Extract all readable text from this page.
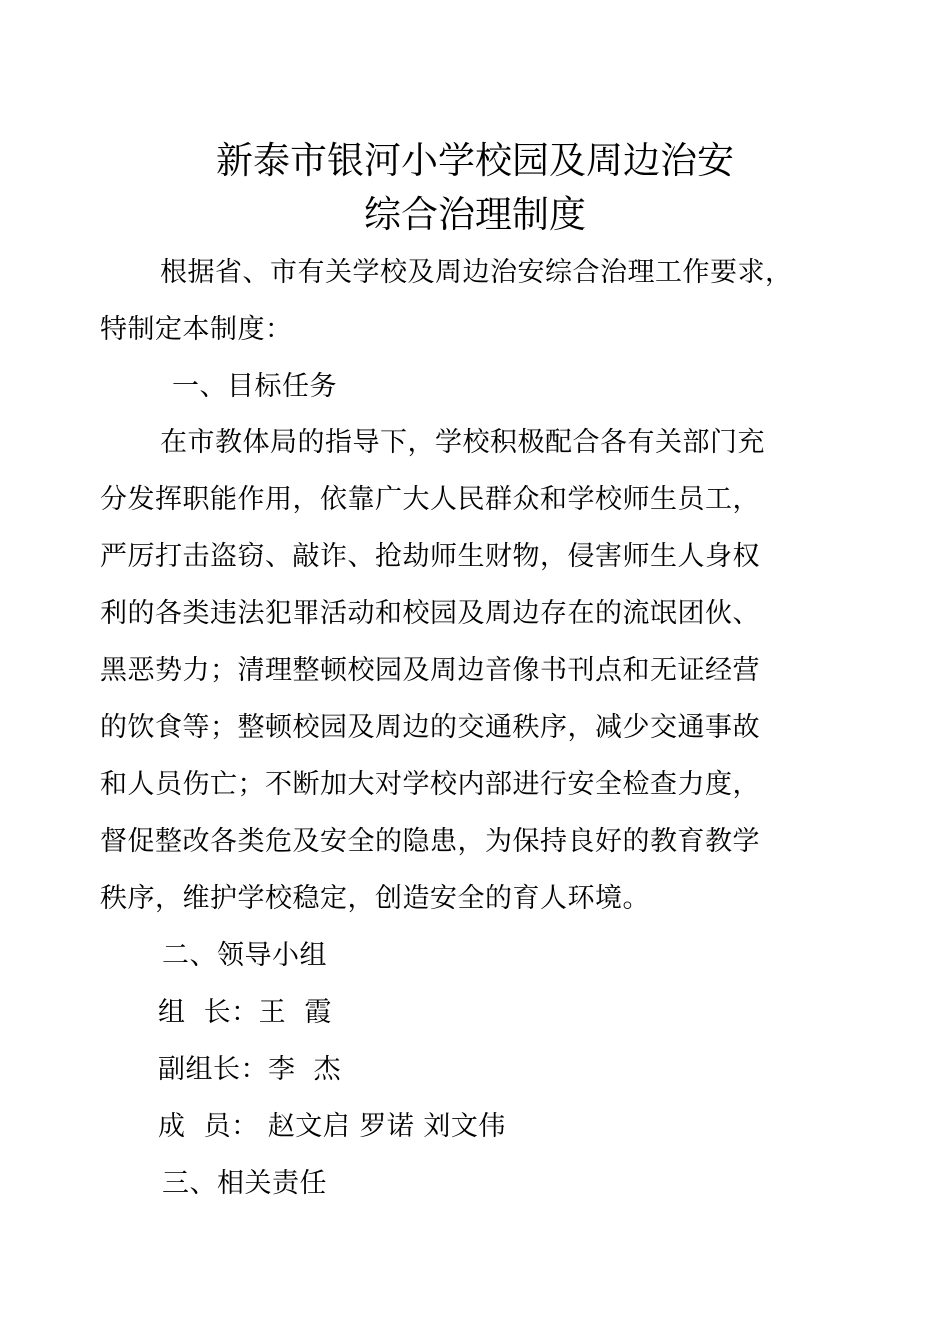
新泰市银河小学校园及周边治安
综合治理制度
根据省、市有关学校及周边治安综合治理工作要求，
特制定本制度：
一、目标任务
在市教体局的指导下，学校积极配合各有关部门充
分发挥职能作用，依靠广大人民群众和学校师生员工，
严厉打击盗窃、敲诈、抢劫师生财物，侵害师生人身权
利的各类违法犯罪活动和校园及周边存在的流氓团伙、
黑恶势力；清理整顿校园及周边音像书刊点和无证经营
的饮食等；整顿校园及周边的交通秩序，减少交通事故
和人员伤亡；不断加大对学校内部进行安全检查力度，
督促整改各类危及安全的隐患，为保持良好的教育教学
秩序，维护学校稳定，创造安全的育人环境。
二、领导小组
组  长：王  霞
副组长：李  杰
成  员： 赵文启 罗诺 刘文伟
三、相关责任
